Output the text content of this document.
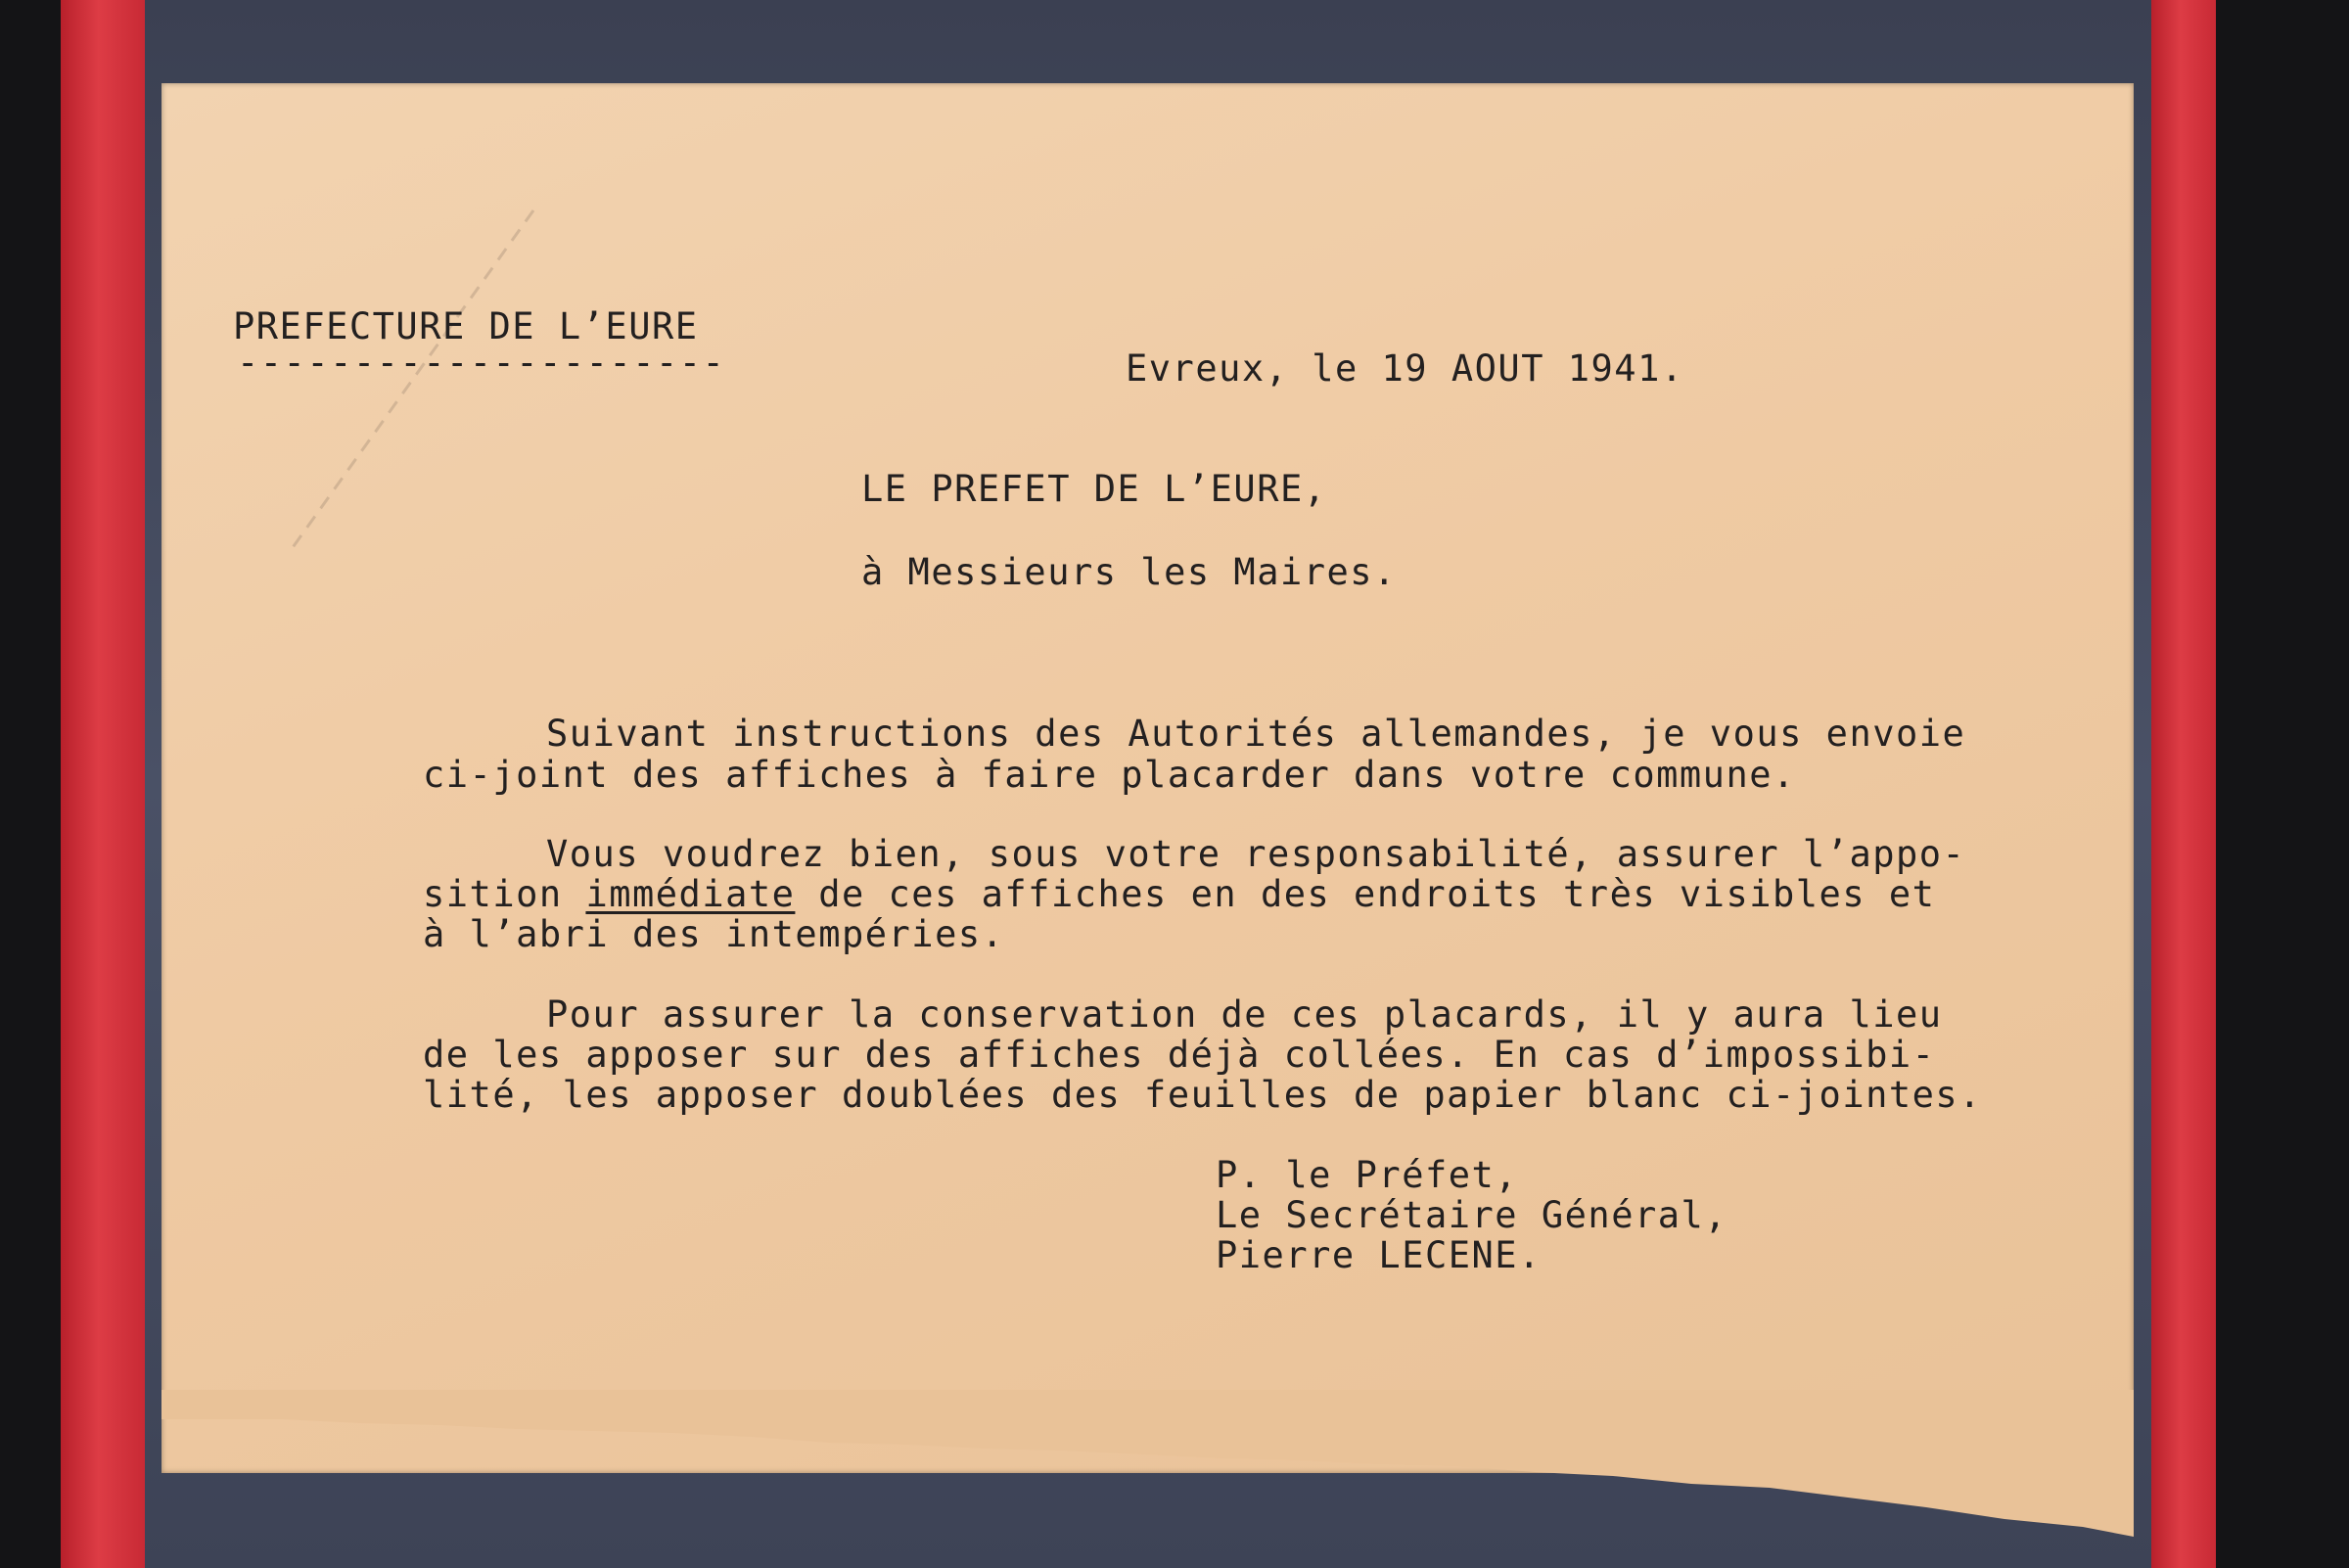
PREFECTURE DE L’EURE
---------------------	Evreux, le 19 AOUT 1941.
LE PREFET DE L’EURE,
à Messieurs les Maires.
Suivant instructions des Autorités allemandes, je vous envoie
ci-joint des affiches à faire placarder dans votre commune.
Vous voudrez bien, sous votre responsabilité, assurer l’appo-
sition immédiate de ces affiches en des endroits très visibles et
à l’abri des intempéries.
Pour assurer la conservation de ces placards, il y aura lieu
de les apposer sur des affiches déjà collées. En cas d’impossibi-
lité, les apposer doublées des feuilles de papier blanc ci-jointes.
P. le Préfet,
Le Secrétaire Général,
Pierre LECENE.
